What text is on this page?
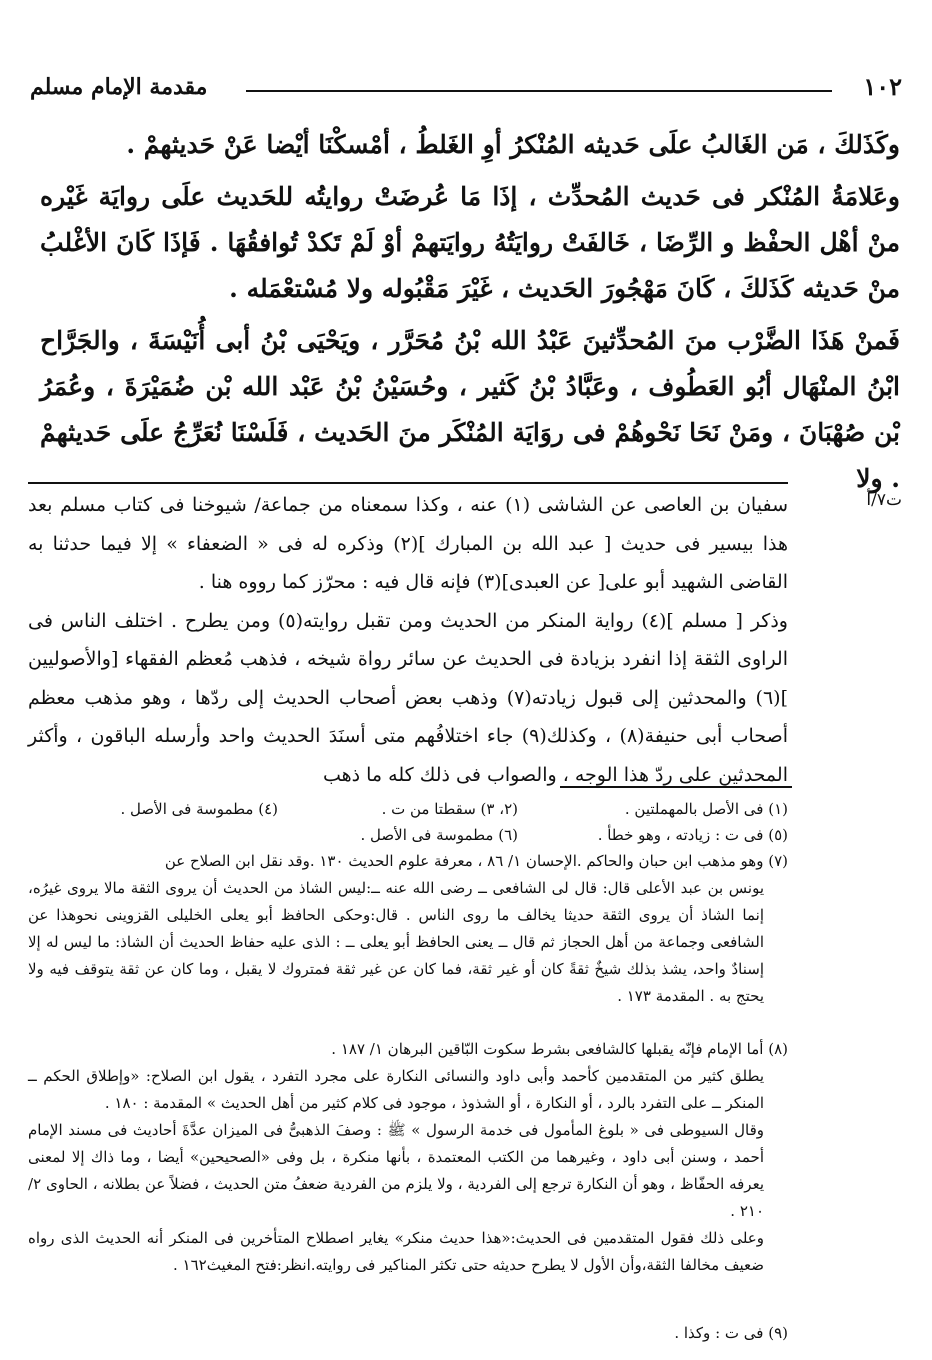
١٠٢
مقدمة الإمام مسلم

وكَذَلكَ ، مَن الغَالبُ علَى حَديثه المُنْكرُ أوِ الغَلطُ ، أمْسكْنَا أيْضا عَنْ حَديثهمْ .

وعَلامَةُ المُنْكر فى حَديث المُحدِّث ، إذَا مَا عُرضَتْ روايتُه للحَديث علَى روايَة غَيْره منْ أهْل الحفْظ و الرِّضَا ، خَالفَتْ روايَتُهُ روايَتهمْ أوْ لَمْ تَكدْ تُوافقُهَا . فَإذَا كَانَ الأغْلبُ منْ حَديثه كَذَلكَ ، كَانَ مَهْجُورَ الحَديث ، غَيْرَ مَقْبُوله ولا مُسْتعْمَله .

فَمنْ هَذَا الضَّرْب منَ المُحدِّثينَ عَبْدُ الله بْنُ مُحَرَّر ، ويَحْيَى بْنُ أبى أُنَيْسَةَ ، والجَرَّاح ابْنُ المنْهَال أبُو العَطُوف ، وعَبَّادُ بْنُ كَثير ، وحُسَيْنُ بْنُ عَبْد الله بْن ضُمَيْرَةَ ، وعُمَرُ بْن صُهْبَانَ ، ومَنْ نَحَا نَحْوهُمْ فى روَايَة المُنْكَر منَ الحَديث ، فَلَسْنَا نُعَرِّجُ علَى حَديثهمْ . ولا

ت٧/أ

سفيان بن العاصى عن الشاشى (١) عنه ، وكذا سمعناه من جماعة/ شيوخنا فى كتاب مسلم بعد هذا بيسير فى حديث [ عبد الله بن المبارك ](٢) وذكره له فى « الضعفاء » إلا فيما حدثنا به القاضى الشهيد أبو على[ عن العبدى](٣) فإنه قال فيه : محرّز كما رووه هنا .

وذكر [ مسلم ](٤) رواية المنكر من الحديث ومن تقبل روايته(٥) ومن يطرح . اختلف الناس فى الراوى الثقة إذا انفرد بزيادة فى الحديث عن سائر رواة شيخه ، فذهب مُعظم الفقهاء [والأصوليين ](٦) والمحدثين إلى قبول زيادته(٧) وذهب بعض أصحاب الحديث إلى ردّها ، وهو مذهب معظم أصحاب أبى حنيفة(٨) ، وكذلك(٩) جاء اختلافُهم متى أسنَدَ الحديث واحد وأرسله الباقون ، وأكثر المحدثين على ردّ هذا الوجه ، والصواب فى ذلك كله ما ذهب

(١) فى الأصل بالمهملتين .
(٢، ٣) سقطتا من ت .
(٤) مطموسة فى الأصل .
(٥) فى ت : زيادته ، وهو خطأ .
(٦) مطموسة فى الأصل .

(٧) وهو مذهب ابن حبان والحاكم .الإحسان ١/ ٨٦ ، معرفة علوم الحديث ١٣٠ .وقد نقل ابن الصلاح عن

يونس بن عبد الأعلى قال: قال لى الشافعى ــ رضى الله عنه ــ:ليس الشاذ من الحديث أن يروى الثقة مالا يروى غيرُه، إنما الشاذ أن يروى الثقة حديثا يخالف ما روى الناس . قال:وحكى الحافظ أبو يعلى الخليلى القزوينى نحوهذا عن الشافعى وجماعة من أهل الحجاز ثم قال ــ يعنى الحافظ أبو يعلى ــ : الذى عليه حفاظ الحديث أن الشاذ: ما ليس له إلا إسنادٌ واحد، يشذ بذلك شيخٌ ثقةً كان أو غير ثقة، فما كان عن غير ثقة فمتروك لا يقبل ، وما كان عن ثقة يتوقف فيه ولا يحتج به . المقدمة ١٧٣ .

(٨) أما الإمام فإنّه يقبلها كالشافعى بشرط سكوت البّاقين البرهان ١/ ١٨٧ .

يطلق كثير من المتقدمين كأحمد وأبى داود والنسائى النكارة على مجرد التفرد ، يقول ابن الصلاح: «وإطلاق الحكم ــ المنكر ــ على التفرد بالرد ، أو النكارة ، أو الشذوذ ، موجود فى كلام كثير من أهل الحديث » المقدمة : ١٨٠ .

وقال السيوطى فى « بلوغ المأمول فى خدمة الرسول » ﷺ : وصفَ الذهبىُّ فى الميزان عدَّةَ أحاديث فى مسند الإمام أحمد ، وسنن أبى داود ، وغيرهما من الكتب المعتمدة ، بأنها منكرة ، بل وفى «الصحيحين» أيضا ، وما ذاك إلا لمعنى يعرفه الحفّاظ ، وهو أن النكارة ترجع إلى الفردية ، ولا يلزم من الفردية ضعفُ متن الحديث ، فضلاً عن بطلانه ، الحاوى ٢/ ٢١٠ .

وعلى ذلك فقول المتقدمين فى الحديث:«هذا حديث منكر» يغاير اصطلاح المتأخرين فى المنكر أنه الحديث الذى رواه ضعيف مخالفا الثقة،وأن الأول لا يطرح حديثه حتى تكثر المناكير فى روايته.انظر:فتح المغيث١٦٢ .

(٩) فى ت : وكذا .
